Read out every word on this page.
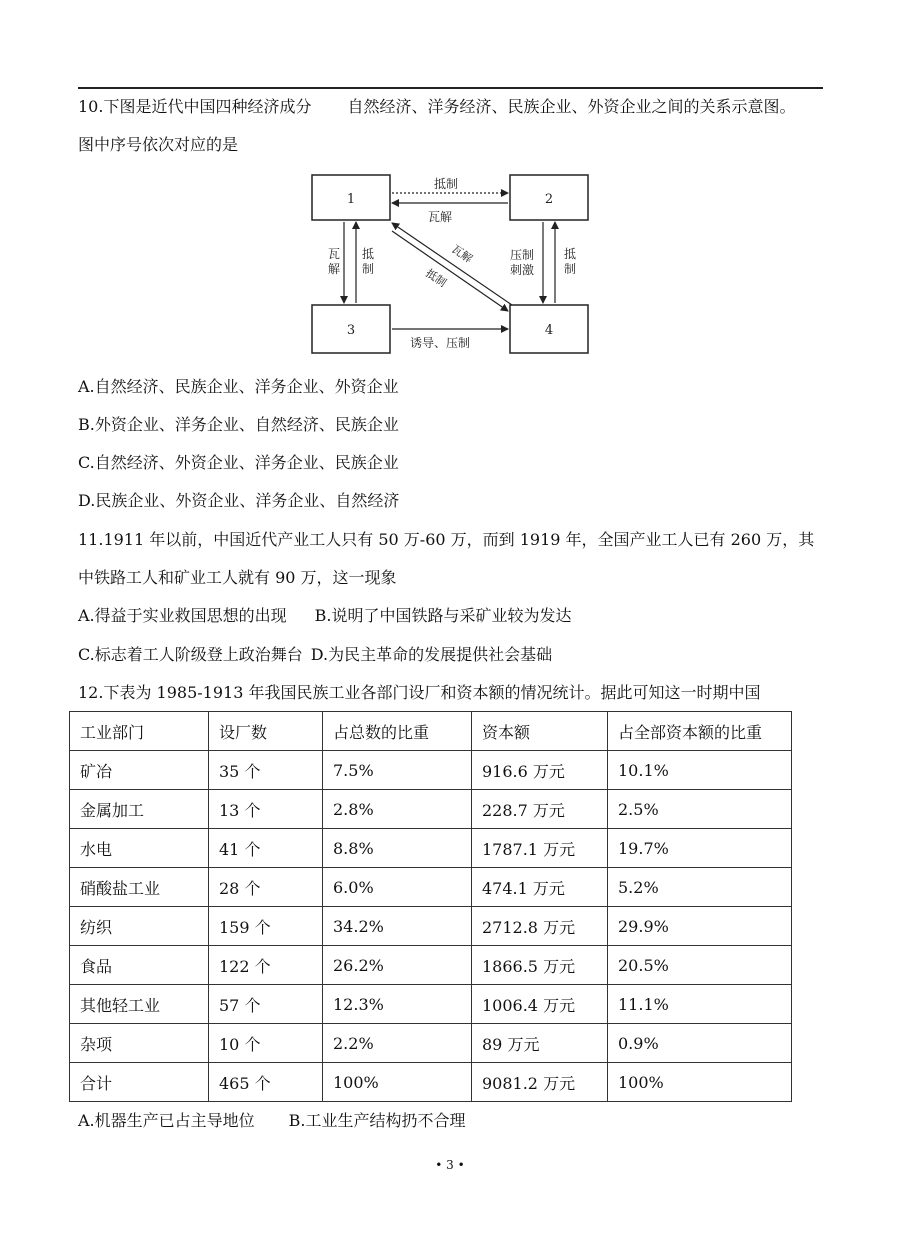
10.下图是近代中国四种经济成分 自然经济、洋务经济、民族企业、外资企业之间的关系示意图。
图中序号依次对应的是
1	2
3	4
抵制
瓦解
瓦
解
抵
制
压制
刺激
抵
制
瓦解
抵制
诱导、压制
A.自然经济、民族企业、洋务企业、外资企业
B.外资企业、洋务企业、自然经济、民族企业
C.自然经济、外资企业、洋务企业、民族企业
D.民族企业、外资企业、洋务企业、自然经济
11.1911 年以前，中国近代产业工人只有 50 万-60 万，而到 1919 年，全国产业工人已有 260 万，其
中铁路工人和矿业工人就有 90 万，这一现象
A.得益于实业救国思想的出现 B.说明了中国铁路与采矿业较为发达
C.标志着工人阶级登上政治舞台 D.为民主革命的发展提供社会基础
12.下表为 1985-1913 年我国民族工业各部门设厂和资本额的情况统计。据此可知这一时期中国
工业部门	设厂数	占总数的比重	资本额	占全部资本额的比重
矿冶	35 个	7.5%	916.6 万元	10.1%
金属加工	13 个	2.8%	228.7 万元	2.5%
水电	41 个	8.8%	1787.1 万元	19.7%
硝酸盐工业	28 个	6.0%	474.1 万元	5.2%
纺织	159 个	34.2%	2712.8 万元	29.9%
食品	122 个	26.2%	1866.5 万元	20.5%
其他轻工业	57 个	12.3%	1006.4 万元	11.1%
杂项	10 个	2.2%	89 万元	0.9%
合计	465 个	100%	9081.2 万元	100%
A.机器生产已占主导地位 B.工业生产结构扔不合理
• 3 •
